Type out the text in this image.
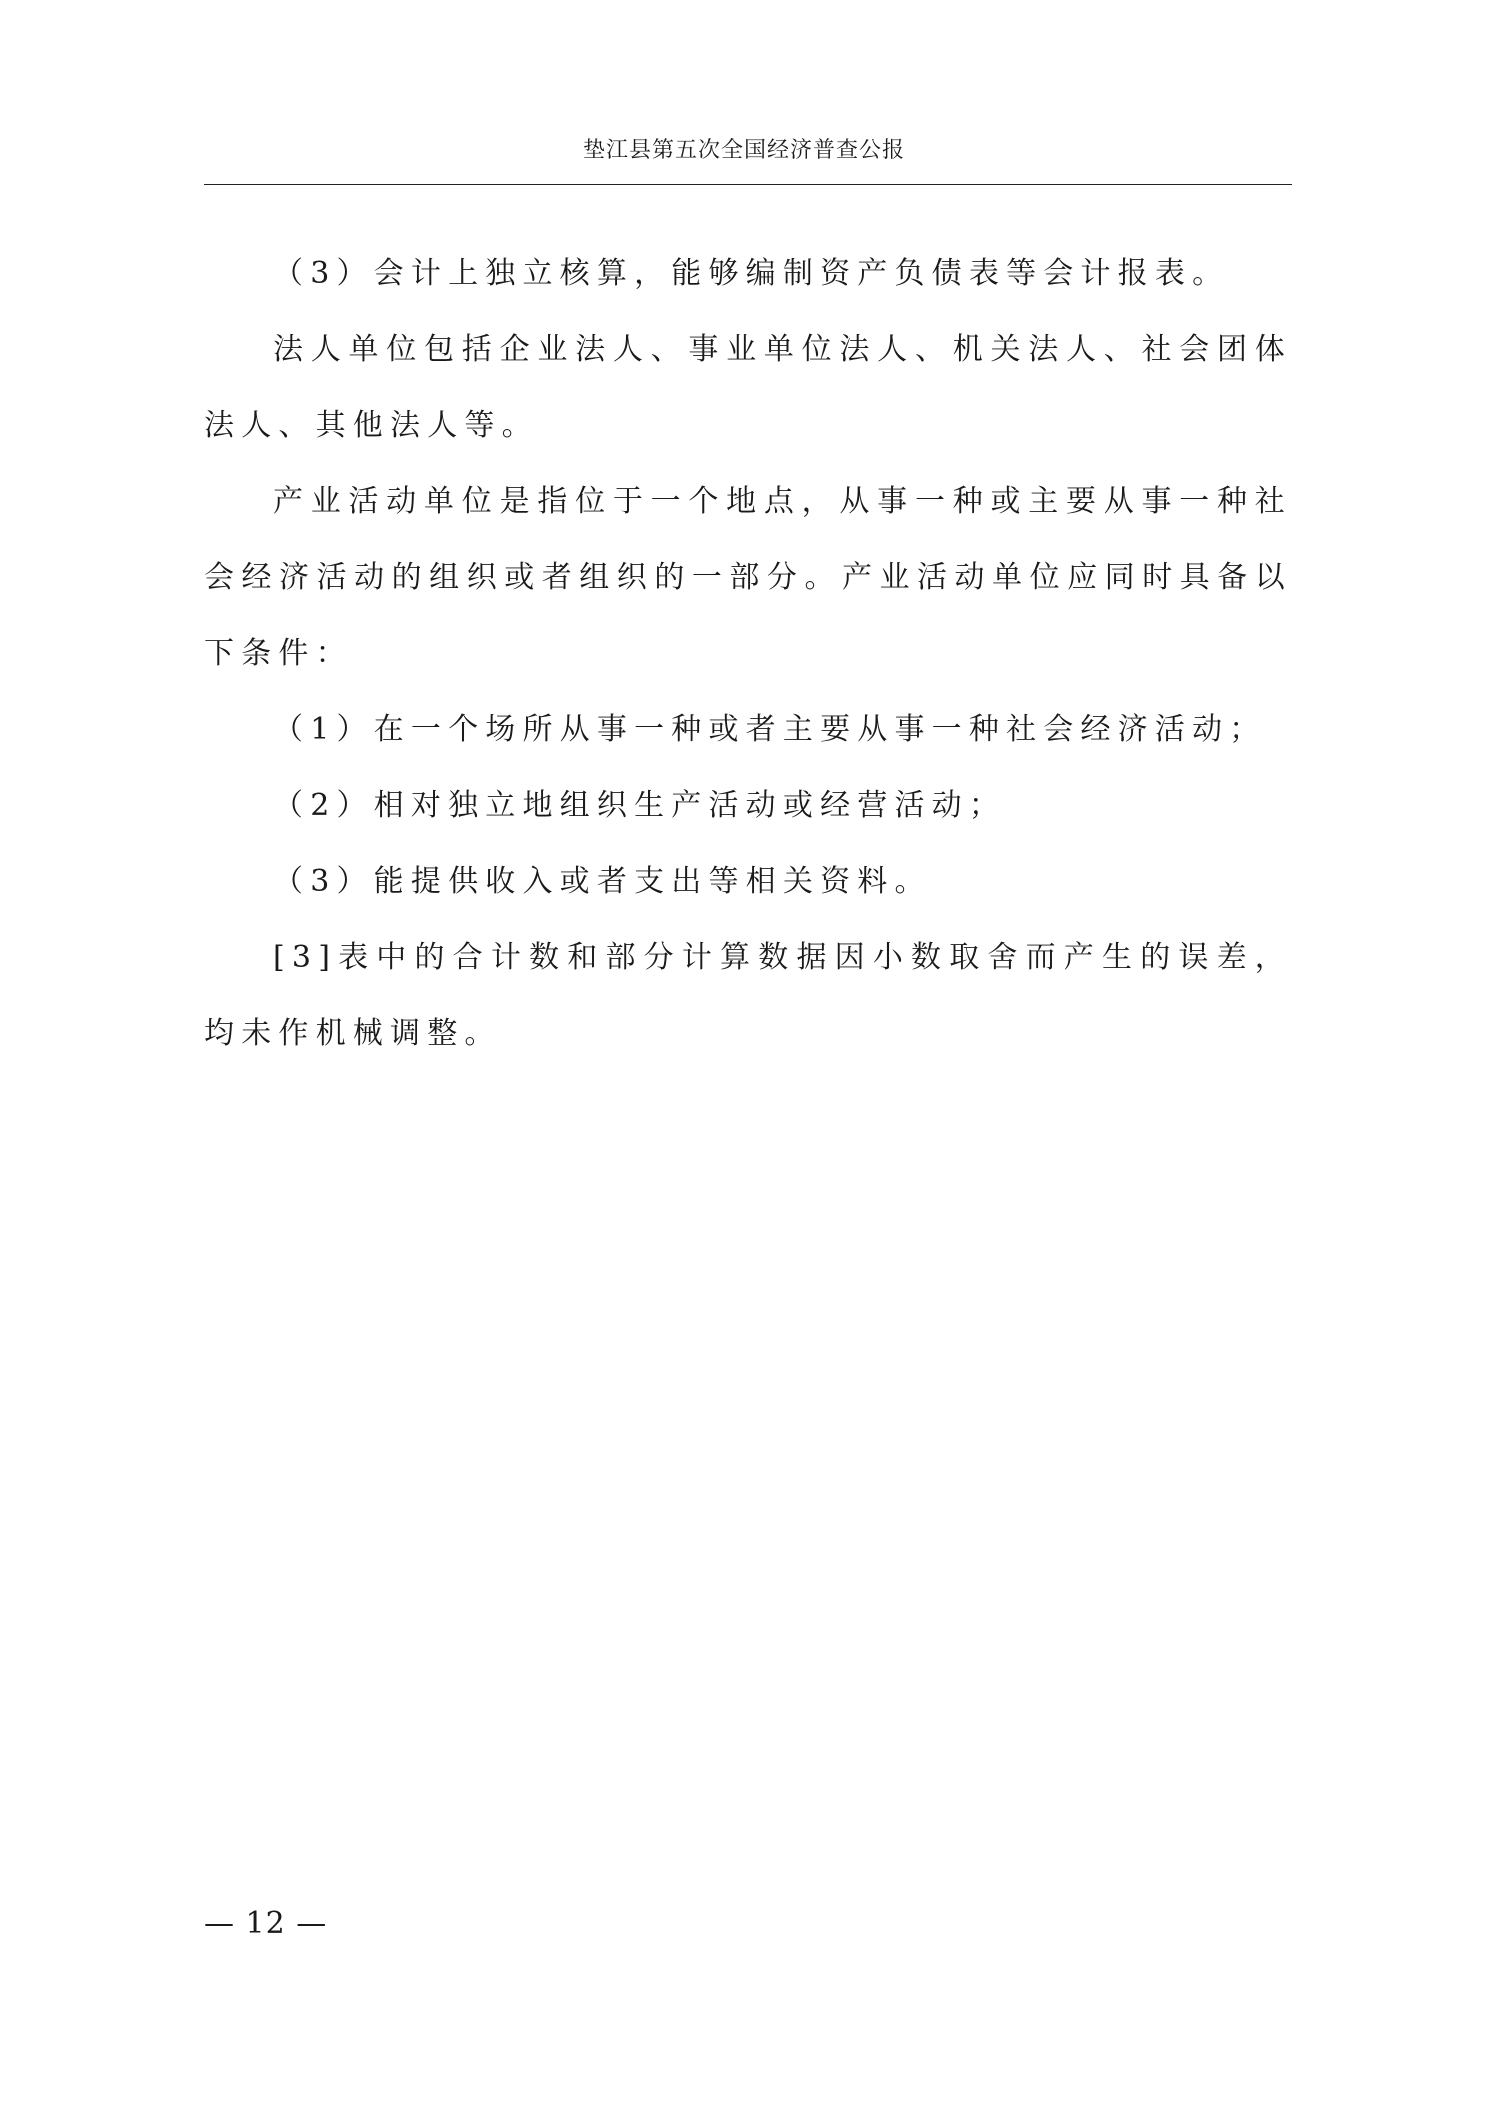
垫江县第五次全国经济普查公报

（3）会计上独立核算，能够编制资产负债表等会计报表。

法人单位包括企业法人、事业单位法人、机关法人、社会团体法人、其他法人等。

产业活动单位是指位于一个地点，从事一种或主要从事一种社会经济活动的组织或者组织的一部分。产业活动单位应同时具备以下条件：

（1）在一个场所从事一种或者主要从事一种社会经济活动；

（2）相对独立地组织生产活动或经营活动；

（3）能提供收入或者支出等相关资料。

[3]表中的合计数和部分计算数据因小数取舍而产生的误差，均未作机械调整。

— 12 —
